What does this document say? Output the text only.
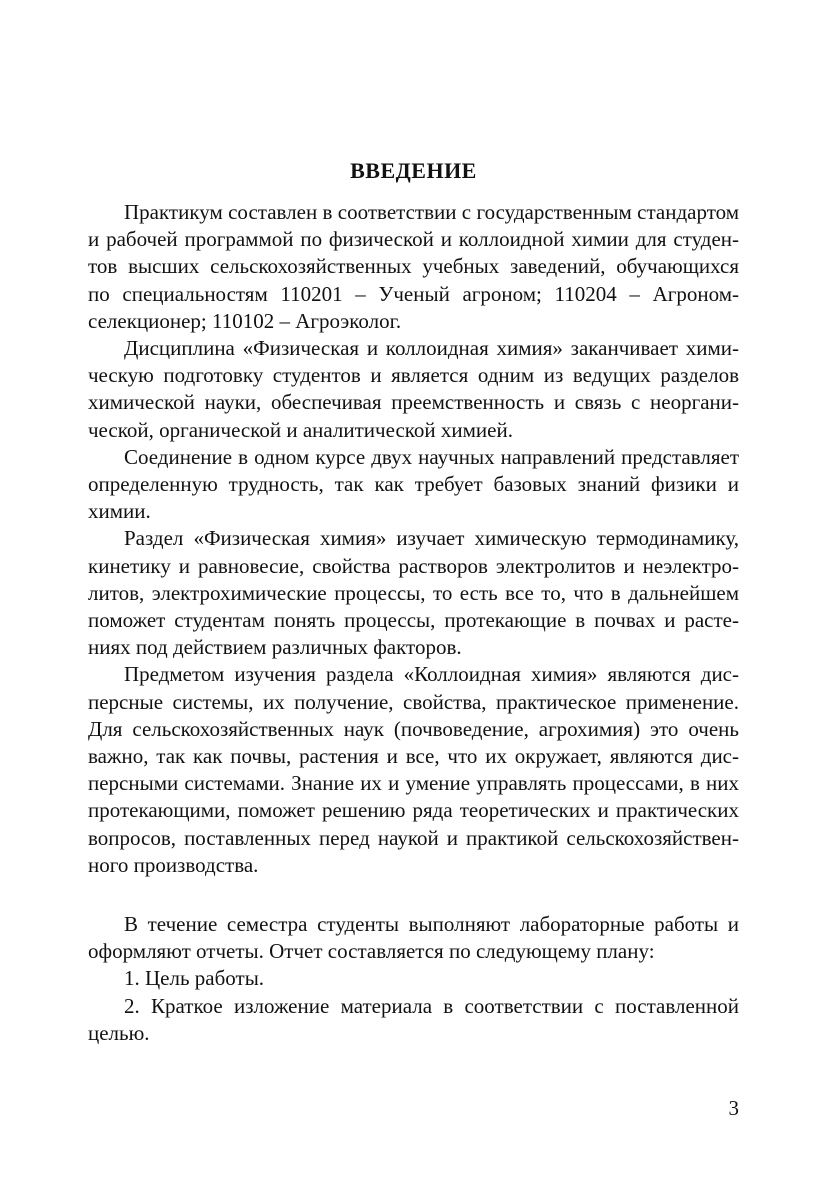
ВВЕДЕНИЕ
Практикум составлен в соответствии с государственным стандартом
и рабочей программой по физической и коллоидной химии для студен-
тов высших сельскохозяйственных учебных заведений, обучающихся
по специальностям 110201 – Ученый агроном; 110204 – Агроном-
селекционер; 110102 – Агроэколог.
Дисциплина «Физическая и коллоидная химия» заканчивает хими-
ческую подготовку студентов и является одним из ведущих разделов
химической науки, обеспечивая преемственность и связь с неоргани-
ческой, органической и аналитической химией.
Соединение в одном курсе двух научных направлений представляет
определенную трудность, так как требует базовых знаний физики и
химии.
Раздел «Физическая химия» изучает химическую термодинамику,
кинетику и равновесие, свойства растворов электролитов и неэлектро-
литов, электрохимические процессы, то есть все то, что в дальнейшем
поможет студентам понять процессы, протекающие в почвах и расте-
ниях под действием различных факторов.
Предметом изучения раздела «Коллоидная химия» являются дис-
персные системы, их получение, свойства, практическое применение.
Для сельскохозяйственных наук (почвоведение, агрохимия) это очень
важно, так как почвы, растения и все, что их окружает, являются дис-
персными системами. Знание их и умение управлять процессами, в них
протекающими, поможет решению ряда теоретических и практических
вопросов, поставленных перед наукой и практикой сельскохозяйствен-
ного производства.
В течение семестра студенты выполняют лабораторные работы и
оформляют отчеты. Отчет составляется по следующему плану:
1. Цель работы.
2. Краткое изложение материала в соответствии с поставленной
целью.
3
